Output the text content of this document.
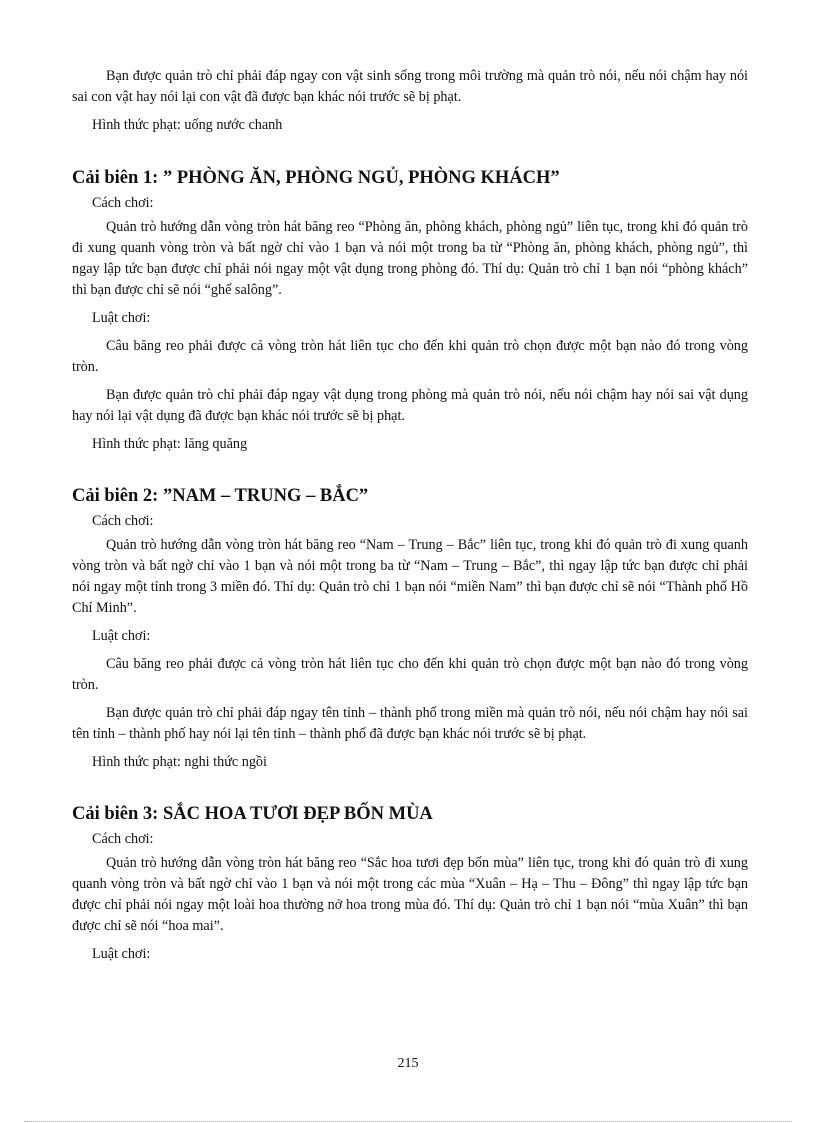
Bạn được quản trò chỉ phải đáp ngay con vật sinh sống trong môi trường mà quản trò nói, nếu nói chậm hay nói sai con vật hay nói lại con vật đã được bạn khác nói trước sẽ bị phạt.

Hình thức phạt: uống nước chanh

Cải biên 1: ” PHÒNG ĂN, PHÒNG NGỦ, PHÒNG KHÁCH”

Cách chơi:

Quản trò hướng dẫn vòng tròn hát băng reo “Phòng ăn, phòng khách, phòng ngủ” liên tục, trong khi đó quản trò đi xung quanh vòng tròn và bất ngờ chỉ vào 1 bạn và nói một trong ba từ “Phòng ăn, phòng khách, phòng ngủ”, thì ngay lập tức bạn được chỉ phải nói ngay một vật dụng trong phòng đó. Thí dụ: Quản trò chỉ 1 bạn nói “phòng khách” thì bạn được chỉ sẽ nói “ghế salông”.

Luật chơi:

Câu băng reo phải được cả vòng tròn hát liên tục cho đến khi quản trò chọn được một bạn nào đó trong vòng tròn.

Bạn được quản trò chỉ phải đáp ngay vật dụng trong phòng mà quản trò nói, nếu nói chậm hay nói sai vật dụng hay nói lại vật dụng đã được bạn khác nói trước sẽ bị phạt.

Hình thức phạt: lăng quăng

Cải biên 2: ”NAM – TRUNG – BẮC”

Cách chơi:

Quản trò hướng dẫn vòng tròn hát băng reo “Nam – Trung – Bắc” liên tục, trong khi đó quản trò đi xung quanh vòng tròn và bất ngờ chỉ vào 1 bạn và nói một trong ba từ “Nam – Trung – Bắc”, thì ngay lập tức bạn được chỉ phải nói ngay một tỉnh trong 3 miền đó. Thí dụ: Quản trò chỉ 1 bạn nói “miền Nam” thì bạn được chỉ sẽ nói “Thành phố Hồ Chí Minh”.

Luật chơi:

Câu băng reo phải được cả vòng tròn hát liên tục cho đến khi quản trò chọn được một bạn nào đó trong vòng tròn.

Bạn được quản trò chỉ phải đáp ngay tên tỉnh – thành phố trong miền mà quản trò nói, nếu nói chậm hay nói sai tên tỉnh – thành phố hay nói lại tên tỉnh – thành phố đã được bạn khác nói trước sẽ bị phạt.

Hình thức phạt: nghi thức ngồi

Cải biên 3: SẮC HOA TƯƠI ĐẸP BỐN MÙA

Cách chơi:

Quản trò hướng dẫn vòng tròn hát băng reo “Sắc hoa tươi đẹp bốn mùa” liên tục, trong khi đó quản trò đi xung quanh vòng tròn và bất ngờ chỉ vào 1 bạn và nói một trong các mùa “Xuân – Hạ – Thu – Đông” thì ngay lập tức bạn được chỉ phải nói ngay một loài hoa thường nở hoa trong mùa đó. Thí dụ: Quản trò chỉ 1 bạn nói “mùa Xuân” thì bạn được chỉ sẽ nói “hoa mai”.

Luật chơi:

215
